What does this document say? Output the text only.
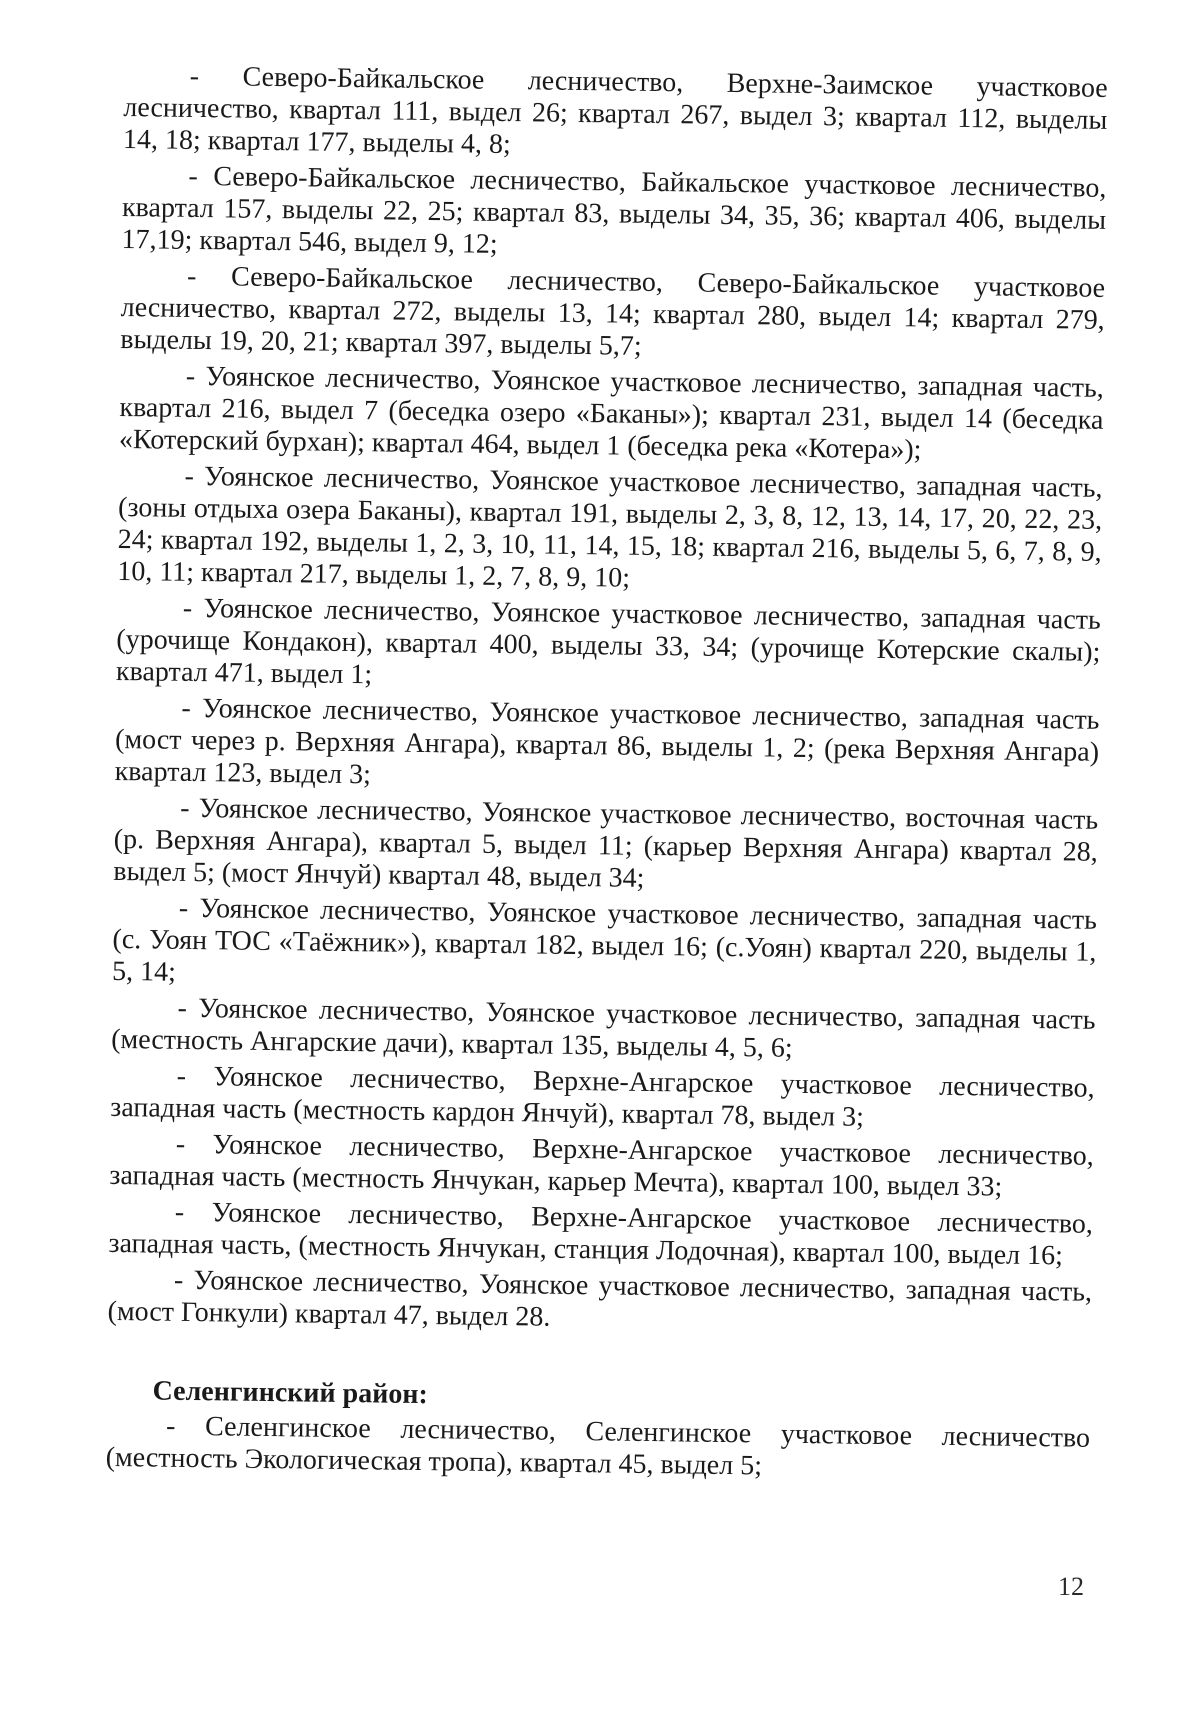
- Северо-Байкальское лесничество, Верхне-Заимское участковое лесничество, квартал 111, выдел 26; квартал 267, выдел 3; квартал 112, выделы 14, 18; квартал 177, выделы 4, 8;

- Северо-Байкальское лесничество, Байкальское участковое лесничество, квартал 157, выделы 22, 25; квартал 83, выделы 34, 35, 36; квартал 406, выделы 17,19; квартал 546, выдел 9, 12;

- Северо-Байкальское лесничество, Северо-Байкальское участковое лесничество, квартал 272, выделы 13, 14; квартал 280, выдел 14; квартал 279, выделы 19, 20, 21; квартал 397, выделы 5,7;

- Уоянское лесничество, Уоянское участковое лесничество, западная часть, квартал 216, выдел 7 (беседка озеро «Баканы»); квартал 231, выдел 14 (беседка «Котерский бурхан); квартал 464, выдел 1 (беседка река «Котера»);

- Уоянское лесничество, Уоянское участковое лесничество, западная часть, (зоны отдыха озера Баканы), квартал 191, выделы 2, 3, 8, 12, 13, 14, 17, 20, 22, 23, 24; квартал 192, выделы 1, 2, 3, 10, 11, 14, 15, 18; квартал 216, выделы 5, 6, 7, 8, 9, 10, 11; квартал 217, выделы 1, 2, 7, 8, 9, 10;

- Уоянское лесничество, Уоянское участковое лесничество, западная часть (урочище Кондакон), квартал 400, выделы 33, 34; (урочище Котерские скалы); квартал 471, выдел 1;

- Уоянское лесничество, Уоянское участковое лесничество, западная часть (мост через р. Верхняя Ангара), квартал 86, выделы 1, 2; (река Верхняя Ангара) квартал 123, выдел 3;

- Уоянское лесничество, Уоянское участковое лесничество, восточная часть (р. Верхняя Ангара), квартал 5, выдел 11; (карьер Верхняя Ангара) квартал 28, выдел 5; (мост Янчуй) квартал 48, выдел 34;

- Уоянское лесничество, Уоянское участковое лесничество, западная часть (с. Уоян ТОС «Таёжник»), квартал 182, выдел 16; (с.Уоян) квартал 220, выделы 1, 5, 14;

- Уоянское лесничество, Уоянское участковое лесничество, западная часть (местность Ангарские дачи), квартал 135, выделы 4, 5, 6;

- Уоянское лесничество, Верхне-Ангарское участковое лесничество, западная часть (местность кардон Янчуй), квартал 78, выдел 3;

- Уоянское лесничество, Верхне-Ангарское участковое лесничество, западная часть (местность Янчукан, карьер Мечта), квартал 100, выдел 33;

- Уоянское лесничество, Верхне-Ангарское участковое лесничество, западная часть, (местность Янчукан, станция Лодочная), квартал 100, выдел 16;

- Уоянское лесничество, Уоянское участковое лесничество, западная часть, (мост Гонкули) квартал 47, выдел 28.

Селенгинский район:

- Селенгинское лесничество, Селенгинское участковое лесничество (местность Экологическая тропа), квартал 45, выдел 5;

12
